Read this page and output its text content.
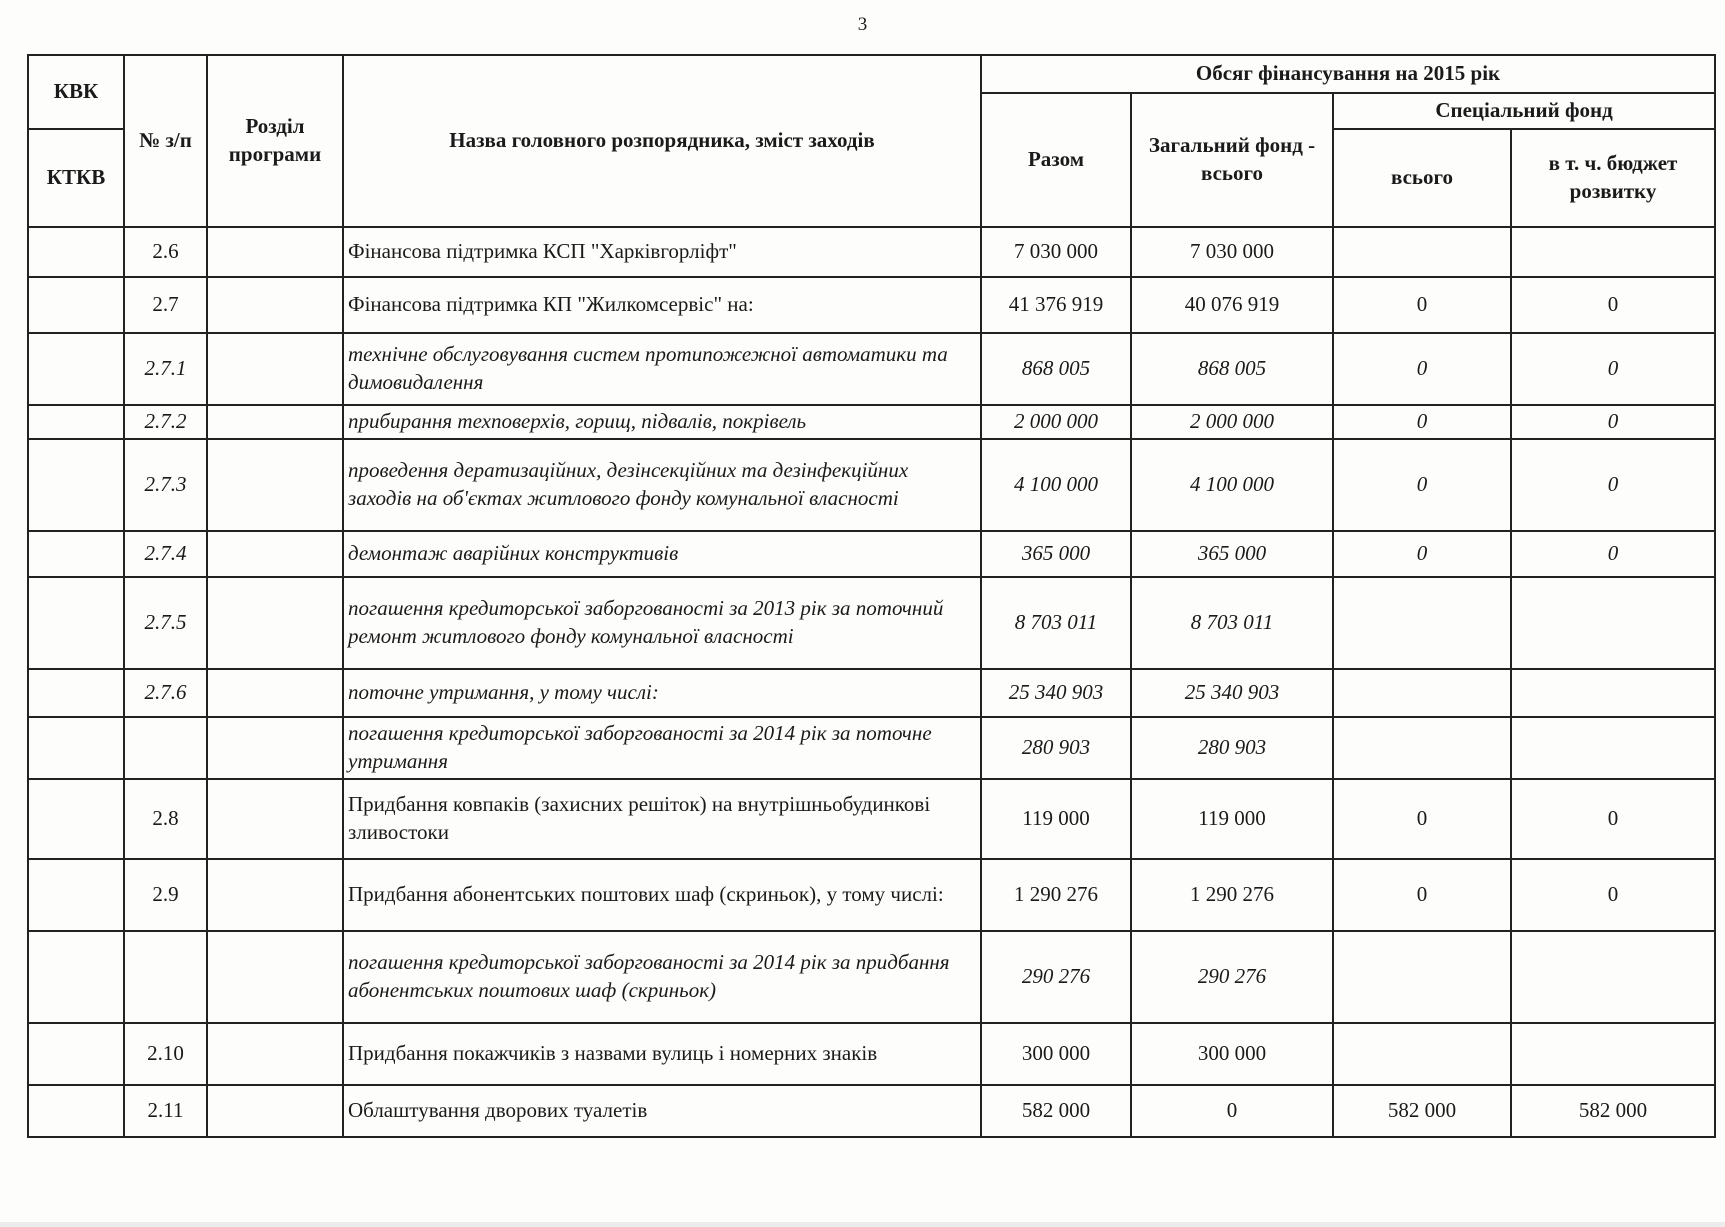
3
КВК	№ з/п	Розділ програми	Назва головного розпорядника, зміст заходів	Обсяг фінансування на 2015 рік			
				Разом	Загальний фонд - всього	Спеціальний фонд	
КТКВ						всього	в т. ч. бюджет розвитку
	2.6		Фінансова підтримка КСП "Харківгорліфт"	7 030 000	7 030 000		
	2.7		Фінансова підтримка КП "Жилкомсервіс" на:	41 376 919	40 076 919	0	0
	2.7.1		технічне обслуговування систем протипожежної автоматики та димовидалення	868 005	868 005	0	0
	2.7.2		прибирання техповерхів, горищ, підвалів, покрівель	2 000 000	2 000 000	0	0
	2.7.3		проведення дератизаційних, дезінсекційних та дезінфекційних заходів на об'єктах житлового фонду комунальної власності	4 100 000	4 100 000	0	0
	2.7.4		демонтаж аварійних конструктивів	365 000	365 000	0	0
	2.7.5		погашення кредиторської заборгованості за 2013 рік за поточний ремонт житлового фонду комунальної власності	8 703 011	8 703 011		
	2.7.6		поточне утримання, у тому числі:	25 340 903	25 340 903		
			погашення кредиторської заборгованості за 2014 рік за поточне утримання	280 903	280 903		
	2.8		Придбання ковпаків (захисних решіток) на внутрішньобудинкові зливостоки	119 000	119 000	0	0
	2.9		Придбання абонентських поштових шаф (скриньок), у тому числі:	1 290 276	1 290 276	0	0
			погашення кредиторської заборгованості за 2014 рік за придбання абонентських поштових шаф (скриньок)	290 276	290 276		
	2.10		Придбання покажчиків з назвами вулиць і номерних знаків	300 000	300 000		
	2.11		Облаштування дворових туалетів	582 000	0	582 000	582 000
